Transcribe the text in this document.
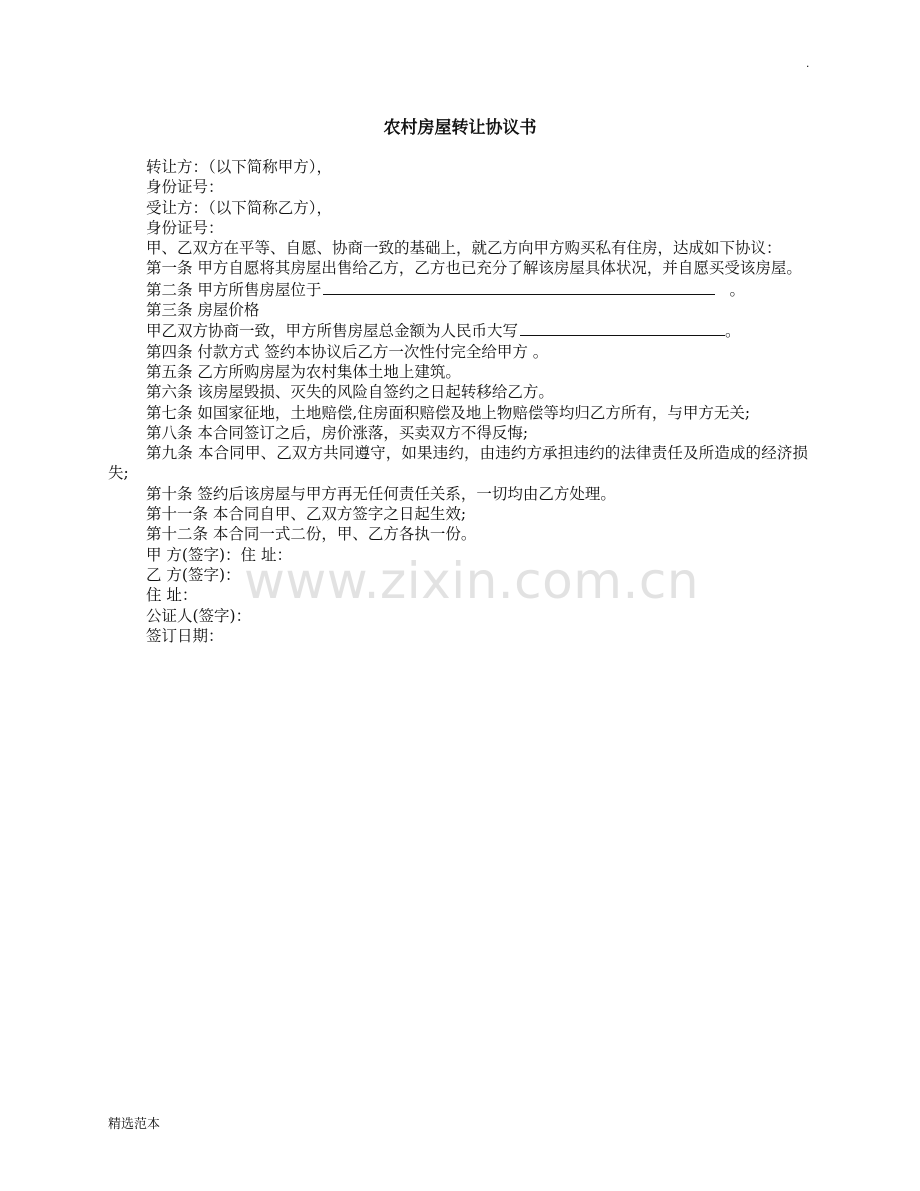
.
农村房屋转让协议书

转让方：（以下简称甲方），

身份证号：

受让方：（以下简称乙方），

身份证号：

甲、乙双方在平等、自愿、协商一致的基础上，就乙方向甲方购买私有住房，达成如下协议：

第一条 甲方自愿将其房屋出售给乙方，乙方也已充分了解该房屋具体状况，并自愿买受该房屋。

第二条 甲方所售房屋位于	。

第三条 房屋价格

甲乙双方协商一致，甲方所售房屋总金额为人民币大写	。

第四条 付款方式 签约本协议后乙方一次性付完全给甲方 。

第五条 乙方所购房屋为农村集体土地上建筑。

第六条 该房屋毁损、灭失的风险自签约之日起转移给乙方。

第七条 如国家征地，土地赔偿,住房面积赔偿及地上物赔偿等均归乙方所有，与甲方无关;

第八条 本合同签订之后，房价涨落，买卖双方不得反悔;

第九条 本合同甲、乙双方共同遵守，如果违约，由违约方承担违约的法律责任及所造成的经济损失;

第十条 签约后该房屋与甲方再无任何责任关系，一切均由乙方处理。

第十一条 本合同自甲、乙双方签字之日起生效;

第十二条 本合同一式二份，甲、乙方各执一份。

甲 方(签字)：住 址：

乙 方(签字)：

住 址：

公证人(签字)：

签订日期：

www.zixin.com.cn
精选范本
